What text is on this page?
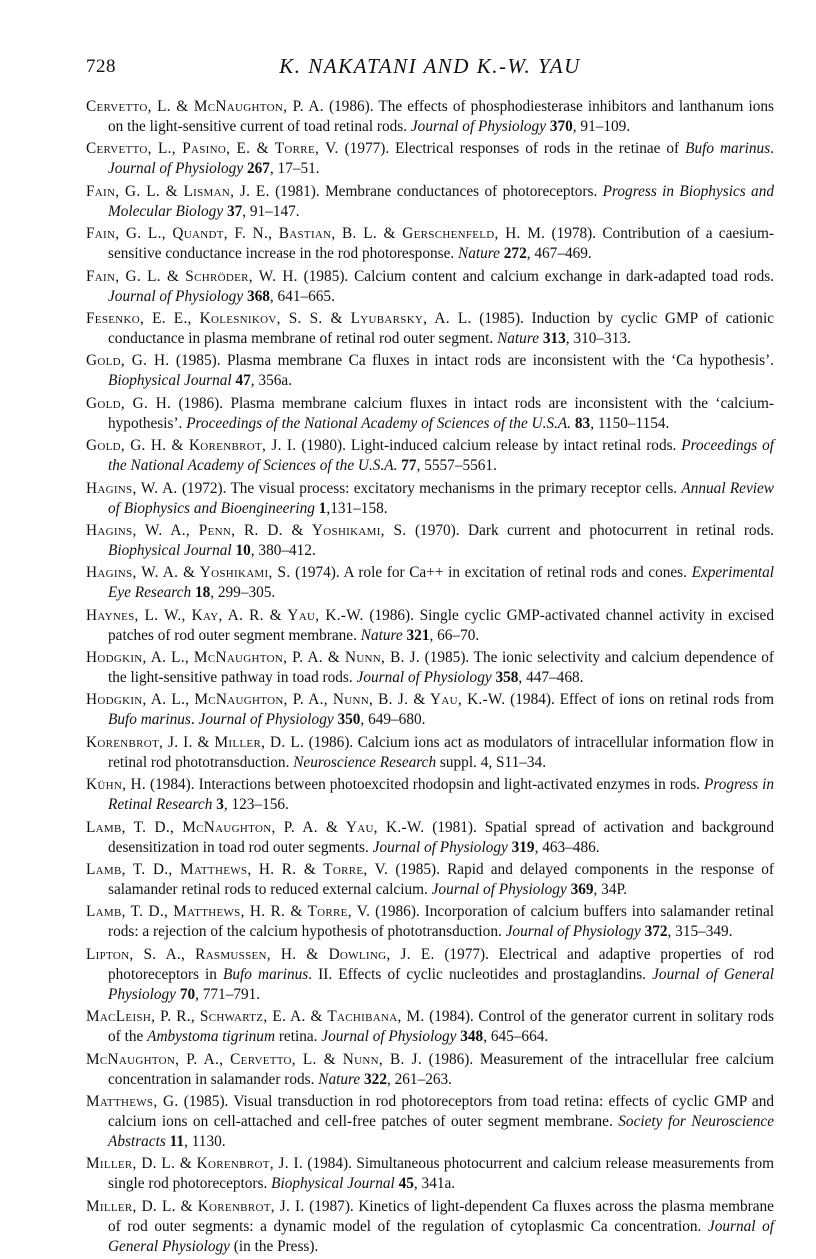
728	K. NAKATANI AND K.-W. YAU

Cervetto, L. & McNaughton, P. A. (1986). The effects of phosphodiesterase inhibitors and lanthanum ions on the light-sensitive current of toad retinal rods. Journal of Physiology 370, 91–109.

Cervetto, L., Pasino, E. & Torre, V. (1977). Electrical responses of rods in the retinae of Bufo marinus. Journal of Physiology 267, 17–51.

Fain, G. L. & Lisman, J. E. (1981). Membrane conductances of photoreceptors. Progress in Biophysics and Molecular Biology 37, 91–147.

Fain, G. L., Quandt, F. N., Bastian, B. L. & Gerschenfeld, H. M. (1978). Contribution of a caesium-sensitive conductance increase in the rod photoresponse. Nature 272, 467–469.

Fain, G. L. & Schröder, W. H. (1985). Calcium content and calcium exchange in dark-adapted toad rods. Journal of Physiology 368, 641–665.

Fesenko, E. E., Kolesnikov, S. S. & Lyubarsky, A. L. (1985). Induction by cyclic GMP of cationic conductance in plasma membrane of retinal rod outer segment. Nature 313, 310–313.

Gold, G. H. (1985). Plasma membrane Ca fluxes in intact rods are inconsistent with the ‘Ca hypothesis’. Biophysical Journal 47, 356a.

Gold, G. H. (1986). Plasma membrane calcium fluxes in intact rods are inconsistent with the ‘calcium-hypothesis’. Proceedings of the National Academy of Sciences of the U.S.A. 83, 1150–1154.

Gold, G. H. & Korenbrot, J. I. (1980). Light-induced calcium release by intact retinal rods. Proceedings of the National Academy of Sciences of the U.S.A. 77, 5557–5561.

Hagins, W. A. (1972). The visual process: excitatory mechanisms in the primary receptor cells. Annual Review of Biophysics and Bioengineering 1,131–158.

Hagins, W. A., Penn, R. D. & Yoshikami, S. (1970). Dark current and photocurrent in retinal rods. Biophysical Journal 10, 380–412.

Hagins, W. A. & Yoshikami, S. (1974). A role for Ca++ in excitation of retinal rods and cones. Experimental Eye Research 18, 299–305.

Haynes, L. W., Kay, A. R. & Yau, K.-W. (1986). Single cyclic GMP-activated channel activity in excised patches of rod outer segment membrane. Nature 321, 66–70.

Hodgkin, A. L., McNaughton, P. A. & Nunn, B. J. (1985). The ionic selectivity and calcium dependence of the light-sensitive pathway in toad rods. Journal of Physiology 358, 447–468.

Hodgkin, A. L., McNaughton, P. A., Nunn, B. J. & Yau, K.-W. (1984). Effect of ions on retinal rods from Bufo marinus. Journal of Physiology 350, 649–680.

Korenbrot, J. I. & Miller, D. L. (1986). Calcium ions act as modulators of intracellular information flow in retinal rod phototransduction. Neuroscience Research suppl. 4, S11–34.

Kühn, H. (1984). Interactions between photoexcited rhodopsin and light-activated enzymes in rods. Progress in Retinal Research 3, 123–156.

Lamb, T. D., McNaughton, P. A. & Yau, K.-W. (1981). Spatial spread of activation and background desensitization in toad rod outer segments. Journal of Physiology 319, 463–486.

Lamb, T. D., Matthews, H. R. & Torre, V. (1985). Rapid and delayed components in the response of salamander retinal rods to reduced external calcium. Journal of Physiology 369, 34P.

Lamb, T. D., Matthews, H. R. & Torre, V. (1986). Incorporation of calcium buffers into salamander retinal rods: a rejection of the calcium hypothesis of phototransduction. Journal of Physiology 372, 315–349.

Lipton, S. A., Rasmussen, H. & Dowling, J. E. (1977). Electrical and adaptive properties of rod photoreceptors in Bufo marinus. II. Effects of cyclic nucleotides and prostaglandins. Journal of General Physiology 70, 771–791.

MacLeish, P. R., Schwartz, E. A. & Tachibana, M. (1984). Control of the generator current in solitary rods of the Ambystoma tigrinum retina. Journal of Physiology 348, 645–664.

McNaughton, P. A., Cervetto, L. & Nunn, B. J. (1986). Measurement of the intracellular free calcium concentration in salamander rods. Nature 322, 261–263.

Matthews, G. (1985). Visual transduction in rod photoreceptors from toad retina: effects of cyclic GMP and calcium ions on cell-attached and cell-free patches of outer segment membrane. Society for Neuroscience Abstracts 11, 1130.

Miller, D. L. & Korenbrot, J. I. (1984). Simultaneous photocurrent and calcium release measurements from single rod photoreceptors. Biophysical Journal 45, 341a.

Miller, D. L. & Korenbrot, J. I. (1987). Kinetics of light-dependent Ca fluxes across the plasma membrane of rod outer segments: a dynamic model of the regulation of cytoplasmic Ca concentration. Journal of General Physiology (in the Press).
